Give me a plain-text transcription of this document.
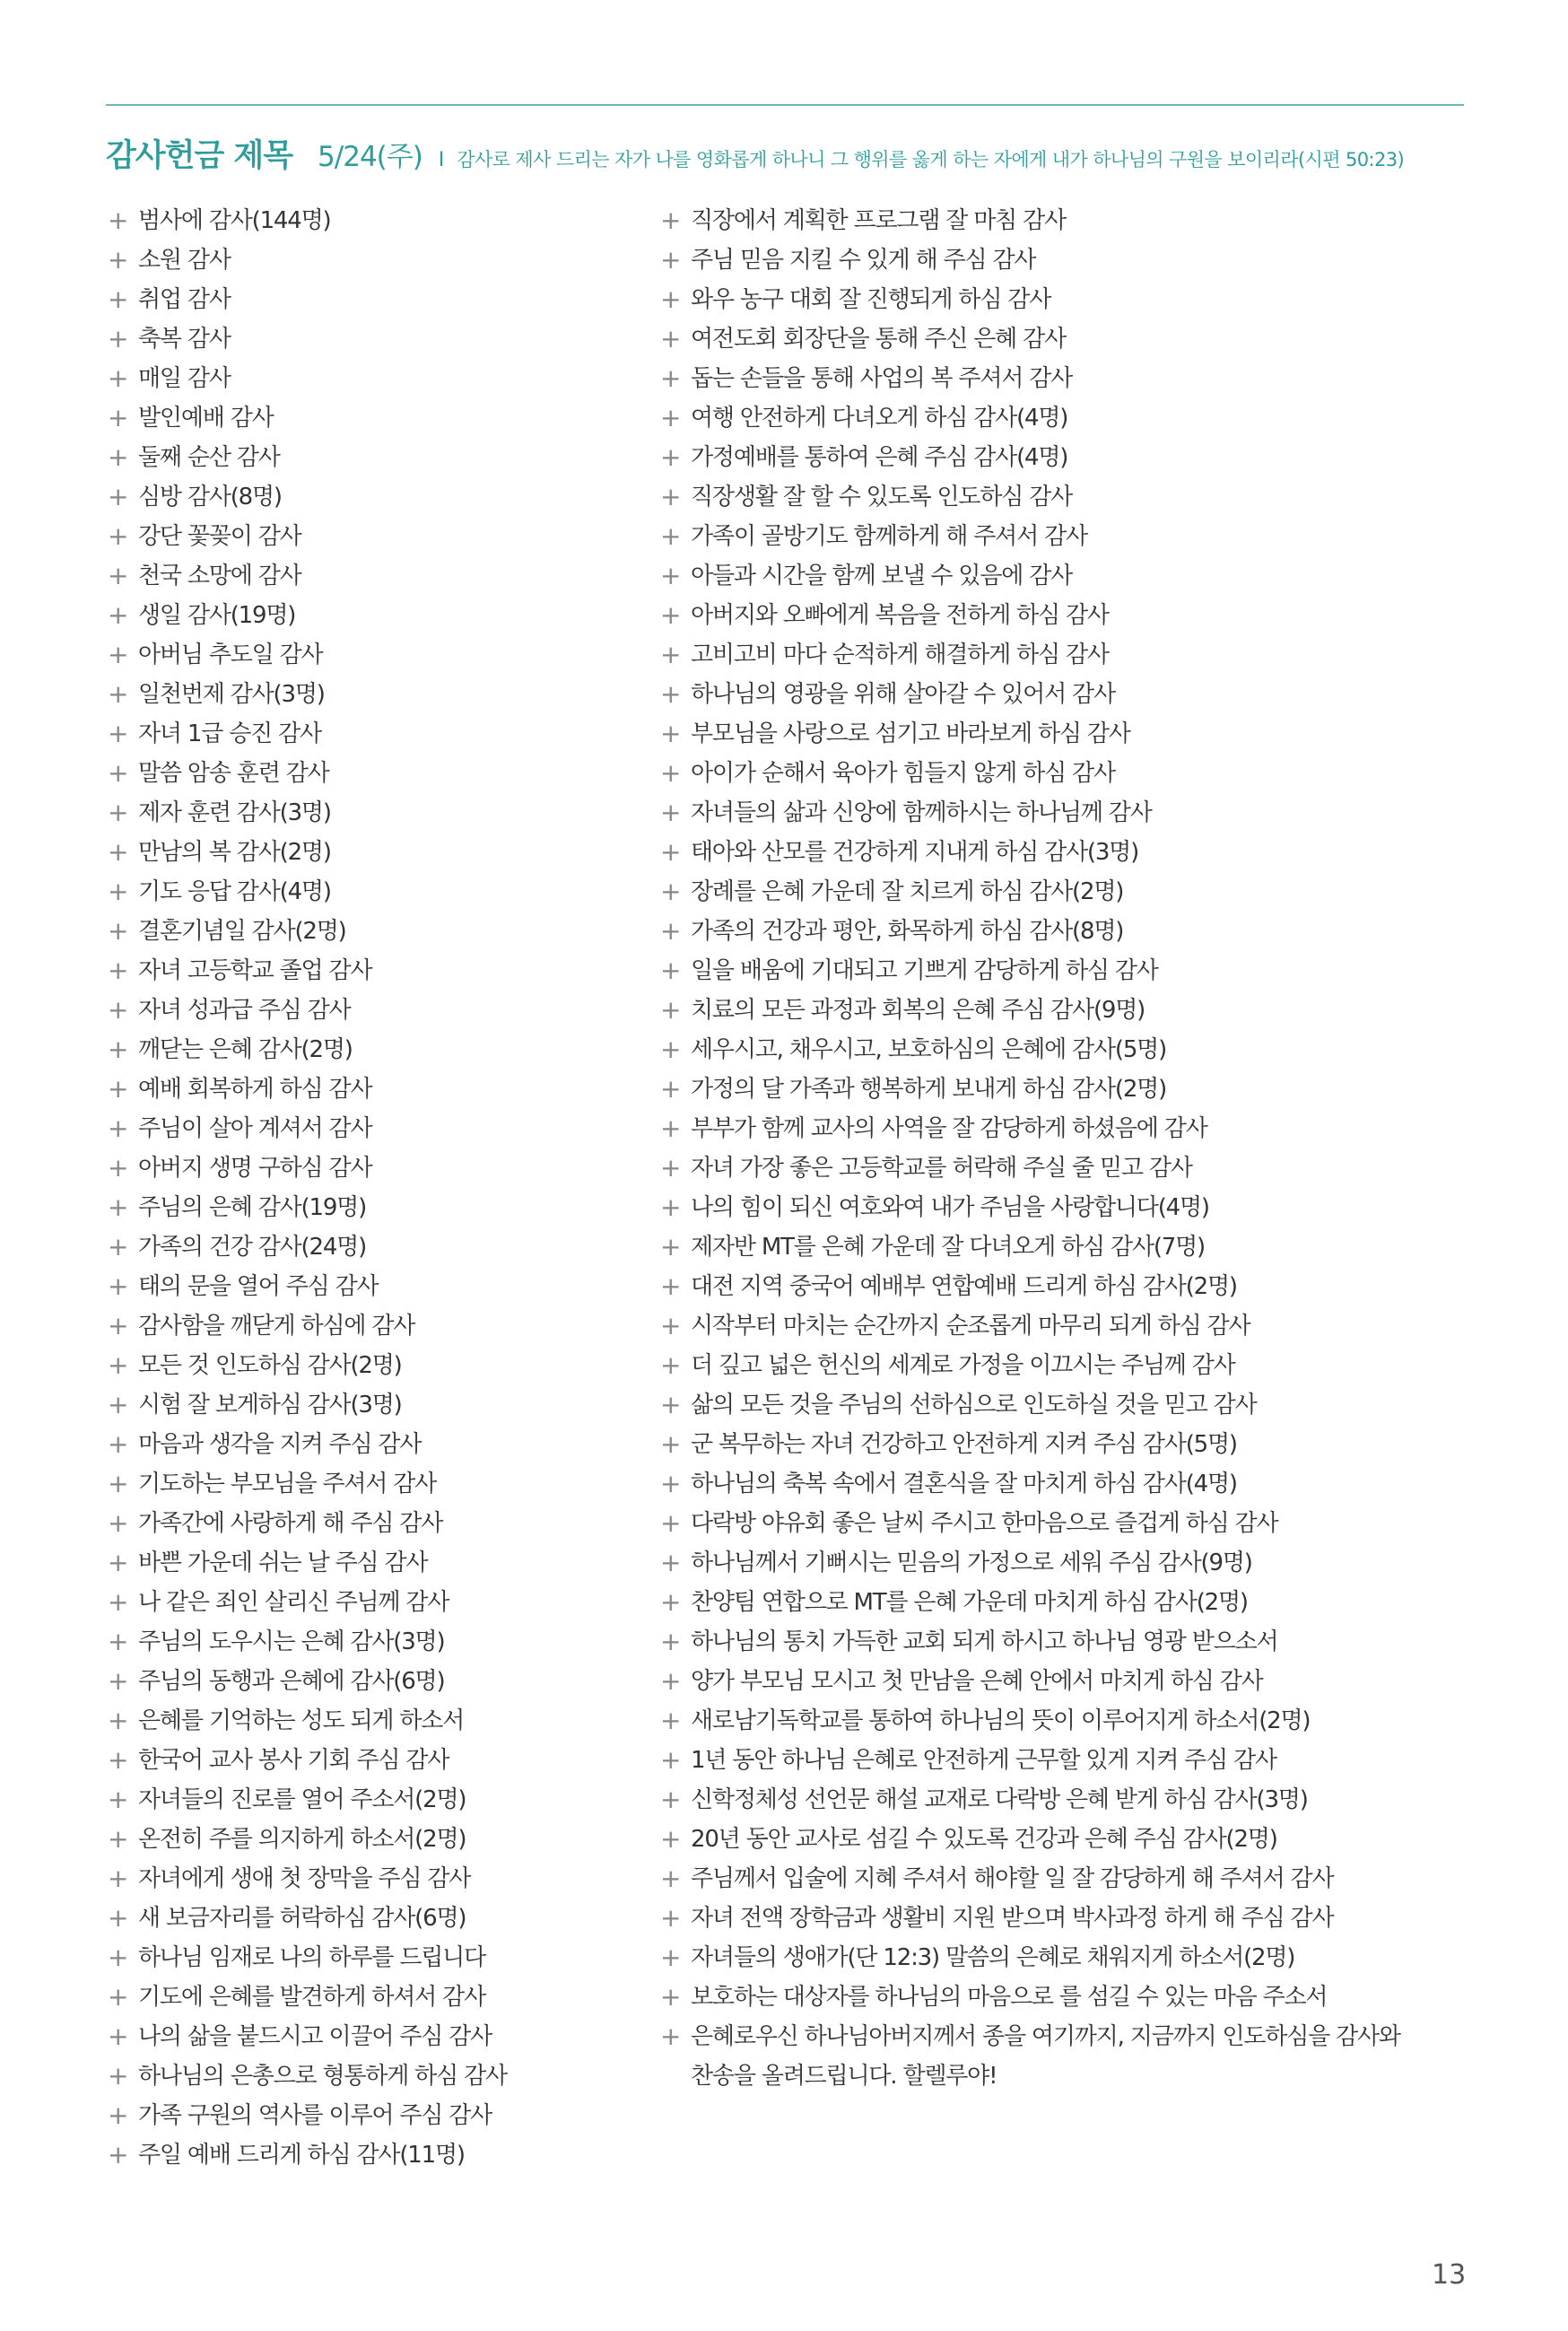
감사헌금 제목 5/24(주) I 감사로 제사 드리는 자가 나를 영화롭게 하나니 그 행위를 옳게 하는 자에게 내가 하나님의 구원을 보이리라(시편 50:23)
+ 범사에 감사(144명)
+ 소원 감사
+ 취업 감사
+ 축복 감사
+ 매일 감사
+ 발인예배 감사
+ 둘째 순산 감사
+ 심방 감사(8명)
+ 강단 꽃꽂이 감사
+ 천국 소망에 감사
+ 생일 감사(19명)
+ 아버님 추도일 감사
+ 일천번제 감사(3명)
+ 자녀 1급 승진 감사
+ 말씀 암송 훈련 감사
+ 제자 훈련 감사(3명)
+ 만남의 복 감사(2명)
+ 기도 응답 감사(4명)
+ 결혼기념일 감사(2명)
+ 자녀 고등학교 졸업 감사
+ 자녀 성과급 주심 감사
+ 깨닫는 은혜 감사(2명)
+ 예배 회복하게 하심 감사
+ 주님이 살아 계셔서 감사
+ 아버지 생명 구하심 감사
+ 주님의 은혜 감사(19명)
+ 가족의 건강 감사(24명)
+ 태의 문을 열어 주심 감사
+ 감사함을 깨닫게 하심에 감사
+ 모든 것 인도하심 감사(2명)
+ 시험 잘 보게하심 감사(3명)
+ 마음과 생각을 지켜 주심 감사
+ 기도하는 부모님을 주셔서 감사
+ 가족간에 사랑하게 해 주심 감사
+ 바쁜 가운데 쉬는 날 주심 감사
+ 나 같은 죄인 살리신 주님께 감사
+ 주님의 도우시는 은혜 감사(3명)
+ 주님의 동행과 은혜에 감사(6명)
+ 은혜를 기억하는 성도 되게 하소서
+ 한국어 교사 봉사 기회 주심 감사
+ 자녀들의 진로를 열어 주소서(2명)
+ 온전히 주를 의지하게 하소서(2명)
+ 자녀에게 생애 첫 장막을 주심 감사
+ 새 보금자리를 허락하심 감사(6명)
+ 하나님 임재로 나의 하루를 드립니다
+ 기도에 은혜를 발견하게 하셔서 감사
+ 나의 삶을 붙드시고 이끌어 주심 감사
+ 하나님의 은총으로 형통하게 하심 감사
+ 가족 구원의 역사를 이루어 주심 감사
+ 주일 예배 드리게 하심 감사(11명)
+ 직장에서 계획한 프로그램 잘 마침 감사
+ 주님 믿음 지킬 수 있게 해 주심 감사
+ 와우 농구 대회 잘 진행되게 하심 감사
+ 여전도회 회장단을 통해 주신 은혜 감사
+ 돕는 손들을 통해 사업의 복 주셔서 감사
+ 여행 안전하게 다녀오게 하심 감사(4명)
+ 가정예배를 통하여 은혜 주심 감사(4명)
+ 직장생활 잘 할 수 있도록 인도하심 감사
+ 가족이 골방기도 함께하게 해 주셔서 감사
+ 아들과 시간을 함께 보낼 수 있음에 감사
+ 아버지와 오빠에게 복음을 전하게 하심 감사
+ 고비고비 마다 순적하게 해결하게 하심 감사
+ 하나님의 영광을 위해 살아갈 수 있어서 감사
+ 부모님을 사랑으로 섬기고 바라보게 하심 감사
+ 아이가 순해서 육아가 힘들지 않게 하심 감사
+ 자녀들의 삶과 신앙에 함께하시는 하나님께 감사
+ 태아와 산모를 건강하게 지내게 하심 감사(3명)
+ 장례를 은혜 가운데 잘 치르게 하심 감사(2명)
+ 가족의 건강과 평안, 화목하게 하심 감사(8명)
+ 일을 배움에 기대되고 기쁘게 감당하게 하심 감사
+ 치료의 모든 과정과 회복의 은혜 주심 감사(9명)
+ 세우시고, 채우시고, 보호하심의 은혜에 감사(5명)
+ 가정의 달 가족과 행복하게 보내게 하심 감사(2명)
+ 부부가 함께 교사의 사역을 잘 감당하게 하셨음에 감사
+ 자녀 가장 좋은 고등학교를 허락해 주실 줄 믿고 감사
+ 나의 힘이 되신 여호와여 내가 주님을 사랑합니다(4명)
+ 제자반 MT를 은혜 가운데 잘 다녀오게 하심 감사(7명)
+ 대전 지역 중국어 예배부 연합예배 드리게 하심 감사(2명)
+ 시작부터 마치는 순간까지 순조롭게 마무리 되게 하심 감사
+ 더 깊고 넓은 헌신의 세계로 가정을 이끄시는 주님께 감사
+ 삶의 모든 것을 주님의 선하심으로 인도하실 것을 믿고 감사
+ 군 복무하는 자녀 건강하고 안전하게 지켜 주심 감사(5명)
+ 하나님의 축복 속에서 결혼식을 잘 마치게 하심 감사(4명)
+ 다락방 야유회 좋은 날씨 주시고 한마음으로 즐겁게 하심 감사
+ 하나님께서 기뻐시는 믿음의 가정으로 세워 주심 감사(9명)
+ 찬양팀 연합으로 MT를 은혜 가운데 마치게 하심 감사(2명)
+ 하나님의 통치 가득한 교회 되게 하시고 하나님 영광 받으소서
+ 양가 부모님 모시고 첫 만남을 은혜 안에서 마치게 하심 감사
+ 새로남기독학교를 통하여 하나님의 뜻이 이루어지게 하소서(2명)
+ 1년 동안 하나님 은혜로 안전하게 근무할 있게 지켜 주심 감사
+ 신학정체성 선언문 해설 교재로 다락방 은혜 받게 하심 감사(3명)
+ 20년 동안 교사로 섬길 수 있도록 건강과 은혜 주심 감사(2명)
+ 주님께서 입술에 지혜 주셔서 해야할 일 잘 감당하게 해 주셔서 감사
+ 자녀 전액 장학금과 생활비 지원 받으며 박사과정 하게 해 주심 감사
+ 자녀들의 생애가(단 12:3) 말씀의 은혜로 채워지게 하소서(2명)
+ 보호하는 대상자를 하나님의 마음으로 를 섬길 수 있는 마음 주소서
+ 은혜로우신 하나님아버지께서 종을 여기까지, 지금까지 인도하심을 감사와 찬송을 올려드립니다. 할렐루야!
13
